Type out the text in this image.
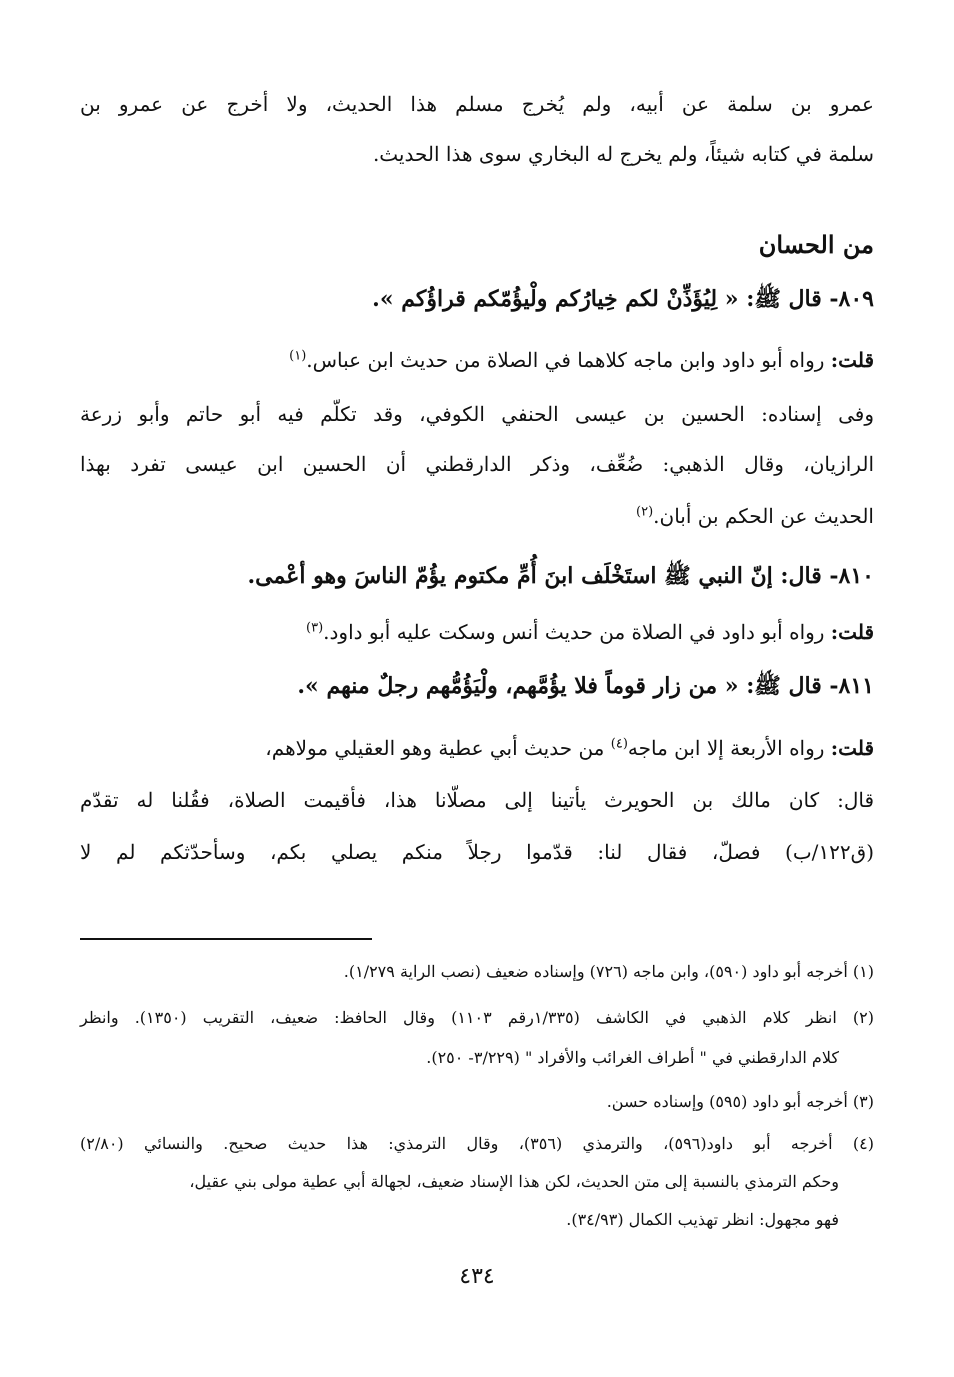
عمرو بن سلمة عن أبيه، ولم يُخرج مسلم هذا الحديث، ولا أخرج عن عمرو بن

سلمة في كتابه شيئاً، ولم يخرج له البخاري سوى هذا الحديث.

من الحسان

٨٠٩- قال ﷺ: « لِيُؤَذِّنْ لكم خِيارُكم ولْيؤُمّكم قراؤُكم ».

قلت: رواه أبو داود وابن ماجه كلاهما في الصلاة من حديث ابن عباس.$^{(١)}$

وفى إسناده: الحسين بن عيسى الحنفي الكوفي، وقد تكلّم فيه أبو حاتم وأبو زرعة

الرازيان، وقال الذهبي: ضُعِّف، وذكر الدارقطني أن الحسين ابن عيسى تفرد بهذا

الحديث عن الحكم بن أبان.$^{(٢)}$

٨١٠- قال: إنّ النبي ﷺ استَخْلَف ابنَ أُمِّ مكتوم يؤُمّ الناسَ وهو أعْمى.

قلت: رواه أبو داود في الصلاة من حديث أنس وسكت عليه أبو داود.$^{(٣)}$

٨١١- قال ﷺ: « من زار قوماً فلا يؤُمَّهم، ولْيَؤُمُّهم رجلٌ منهم ».

قلت: رواه الأربعة إلا ابن ماجه$^{(٤)}$ من حديث أبي عطية وهو العقيلي مولاهم،

قال: كان مالك بن الحويرث يأتينا إلى مصلّانا هذا، فأقيمت الصلاة، فقُلنا له تقدّم

(ق١٢٢/ب) فصلّ، فقال لنا: قدّموا رجلاً منكم يصلي بكم، وسأحدّثكم لم لا

(١) أخرجه أبو داود (٥٩٠)، وابن ماجه (٧٢٦) وإسناده ضعيف (نصب الراية ١/٢٧٩).

(٢) انظر كلام الذهبي في الكاشف (١/٣٣٥رقم ١١٠٣) وقال الحافظ: ضعيف، التقريب (١٣٥٠). وانظر

كلام الدارقطني في " أطراف الغرائب والأفراد " (٣/٢٢٩- ٢٥٠).

(٣) أخرجه أبو داود (٥٩٥) وإسناده حسن.

(٤) أخرجه أبو داود(٥٩٦)، والترمذي (٣٥٦)، وقال الترمذي: هذا حديث صحيح. والنسائي (٢/٨٠)

وحكم الترمذي بالنسبة إلى متن الحديث، لكن هذا الإسناد ضعيف، لجهالة أبي عطية مولى بني عقيل،

فهو مجهول: انظر تهذيب الكمال (٣٤/٩٣).

٤٣٤
